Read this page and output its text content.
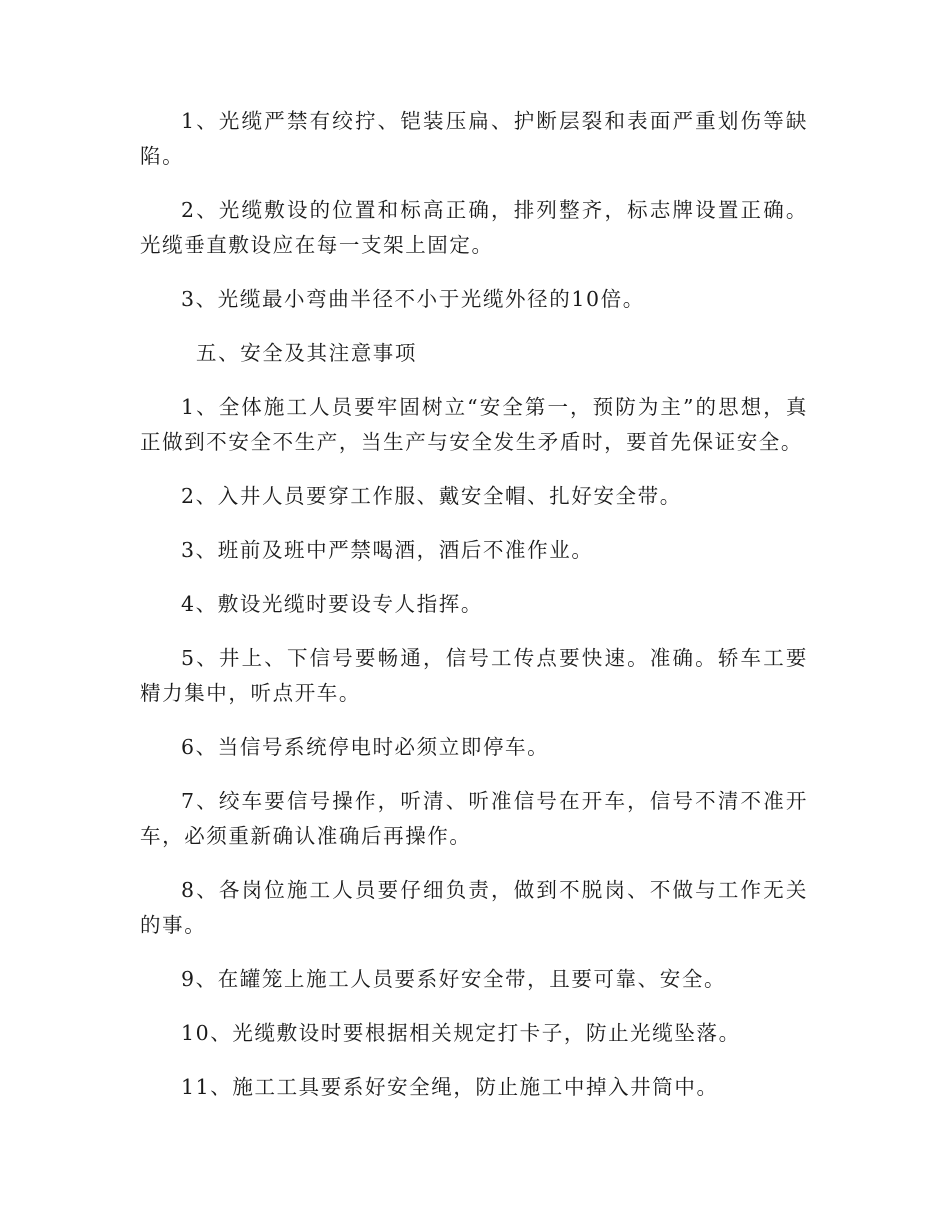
1、光缆严禁有绞拧、铠装压扁、护断层裂和表面严重划伤等缺陷。

2、光缆敷设的位置和标高正确，排列整齐，标志牌设置正确。光缆垂直敷设应在每一支架上固定。

3、光缆最小弯曲半径不小于光缆外径的10倍。

五、安全及其注意事项

1、全体施工人员要牢固树立“安全第一，预防为主”的思想，真正做到不安全不生产，当生产与安全发生矛盾时，要首先保证安全。

2、入井人员要穿工作服、戴安全帽、扎好安全带。

3、班前及班中严禁喝酒，酒后不准作业。

4、敷设光缆时要设专人指挥。

5、井上、下信号要畅通，信号工传点要快速。准确。轿车工要精力集中，听点开车。

6、当信号系统停电时必须立即停车。

7、绞车要信号操作，听清、听准信号在开车，信号不清不准开车，必须重新确认准确后再操作。

8、各岗位施工人员要仔细负责，做到不脱岗、不做与工作无关的事。

9、在罐笼上施工人员要系好安全带，且要可靠、安全。

10、光缆敷设时要根据相关规定打卡子，防止光缆坠落。

11、施工工具要系好安全绳，防止施工中掉入井筒中。
